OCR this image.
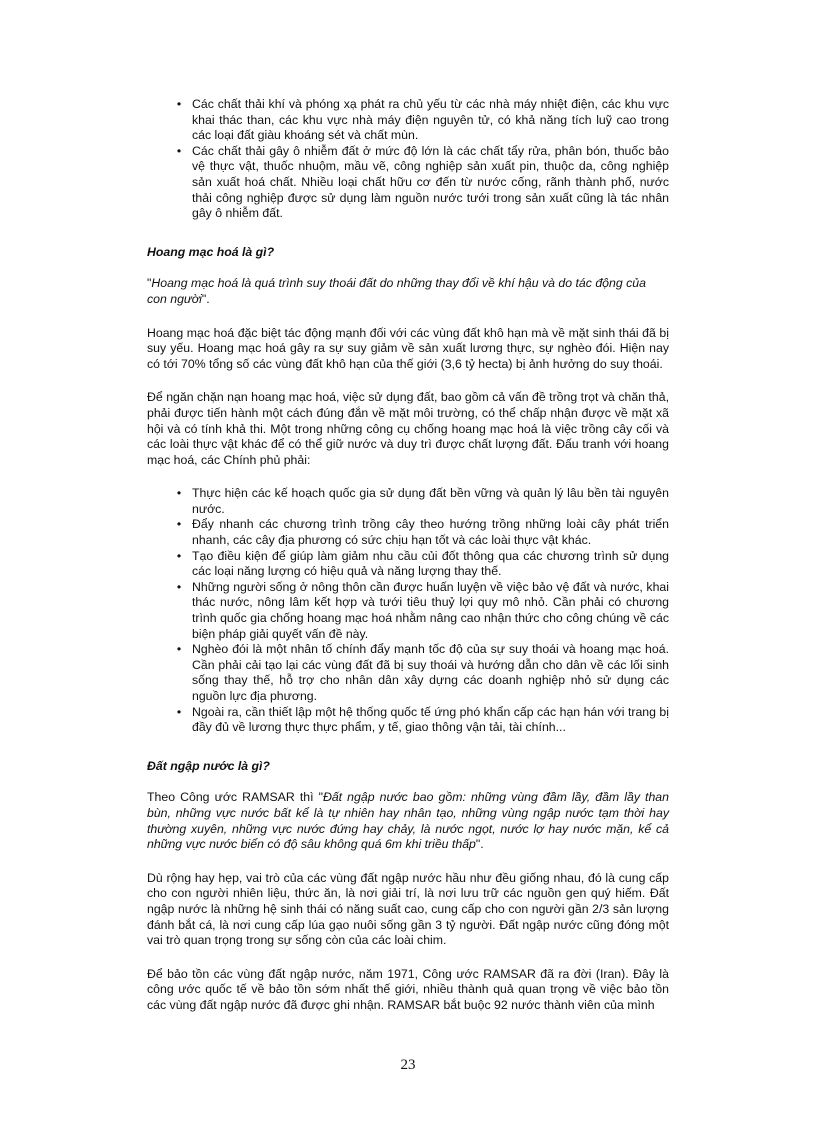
• Các chất thải khí và phóng xạ phát ra chủ yếu từ các nhà máy nhiệt điện, các khu vực khai thác than, các khu vực nhà máy điện nguyên tử, có khả năng tích luỹ cao trong các loại đất giàu khoáng sét và chất mùn.
• Các chất thải gây ô nhiễm đất ở mức độ lớn là các chất tẩy rửa, phân bón, thuốc bảo vệ thực vật, thuốc nhuộm, mầu vẽ, công nghiệp sản xuất pin, thuộc da, công nghiệp sản xuất hoá chất. Nhiều loại chất hữu cơ đến từ nước cống, rãnh thành phố, nước thải công nghiệp được sử dụng làm nguồn nước tưới trong sản xuất cũng là tác nhân gây ô nhiễm đất.

Hoang mạc hoá là gì?

"Hoang mạc hoá là quá trình suy thoái đất do những thay đổi về khí hậu và do tác động của con người".

Hoang mạc hoá đặc biệt tác động mạnh đối với các vùng đất khô hạn mà về mặt sinh thái đã bị suy yếu. Hoang mạc hoá gây ra sự suy giảm về sản xuất lương thực, sự nghèo đói. Hiện nay có tới 70% tổng số các vùng đất khô hạn của thế giới (3,6 tỷ hecta) bị ảnh hưởng do suy thoái.

Để ngăn chặn nạn hoang mạc hoá, việc sử dụng đất, bao gồm cả vấn đề trồng trọt và chăn thả, phải được tiến hành một cách đúng đắn về mặt môi trường, có thể chấp nhận được về mặt xã hội và có tính khả thi. Một trong những công cụ chống hoang mạc hoá là việc trồng cây cối và các loài thực vật khác để có thể giữ nước và duy trì được chất lượng đất. Đấu tranh với hoang mạc hoá, các Chính phủ phải:

• Thực hiện các kế hoạch quốc gia sử dụng đất bền vững và quản lý lâu bền tài nguyên nước.
• Đẩy nhanh các chương trình trồng cây theo hướng trồng những loài cây phát triển nhanh, các cây địa phương có sức chịu hạn tốt và các loài thực vật khác.
• Tạo điều kiện để giúp làm giảm nhu cầu củi đốt thông qua các chương trình sử dụng các loại năng lượng có hiệu quả và năng lượng thay thế.
• Những người sống ở nông thôn cần được huấn luyện về việc bảo vệ đất và nước, khai thác nước, nông lâm kết hợp và tưới tiêu thuỷ lợi quy mô nhỏ. Cần phải có chương trình quốc gia chống hoang mạc hoá nhằm nâng cao nhận thức cho công chúng về các biện pháp giải quyết vấn đề này.
• Nghèo đói là một nhân tố chính đẩy mạnh tốc độ của sự suy thoái và hoang mạc hoá. Cần phải cải tạo lại các vùng đất đã bị suy thoái và hướng dẫn cho dân về các lối sinh sống thay thế, hỗ trợ cho nhân dân xây dựng các doanh nghiệp nhỏ sử dụng các nguồn lực địa phương.
• Ngoài ra, cần thiết lập một hệ thống quốc tế ứng phó khẩn cấp các hạn hán với trang bị đầy đủ về lương thực thực phẩm, y tế, giao thông vận tải, tài chính...

Đất ngập nước là gì?

Theo Công ước RAMSAR thì "Đất ngập nước bao gồm: những vùng đầm lầy, đầm lầy than bùn, những vực nước bất kể là tự nhiên hay nhân tạo, những vùng ngập nước tạm thời hay thường xuyên, những vực nước đứng hay chảy, là nước ngọt, nước lợ hay nước mặn, kể cả những vực nước biển có độ sâu không quá 6m khi triều thấp".

Dù rộng hay hẹp, vai trò của các vùng đất ngập nước hầu như đều giống nhau, đó là cung cấp cho con người nhiên liệu, thức ăn, là nơi giải trí, là nơi lưu trữ các nguồn gen quý hiếm. Đất ngập nước là những hệ sinh thái có năng suất cao, cung cấp cho con người gần 2/3 sản lượng đánh bắt cá, là nơi cung cấp lúa gạo nuôi sống gần 3 tỷ người. Đất ngập nước cũng đóng một vai trò quan trọng trong sự sống còn của các loài chim.

Để bảo tồn các vùng đất ngập nước, năm 1971, Công ước RAMSAR đã ra đời (Iran). Đây là công ước quốc tế về bảo tồn sớm nhất thế giới, nhiều thành quả quan trọng về việc bảo tồn các vùng đất ngập nước đã được ghi nhận. RAMSAR bắt buộc 92 nước thành viên của mình

23
